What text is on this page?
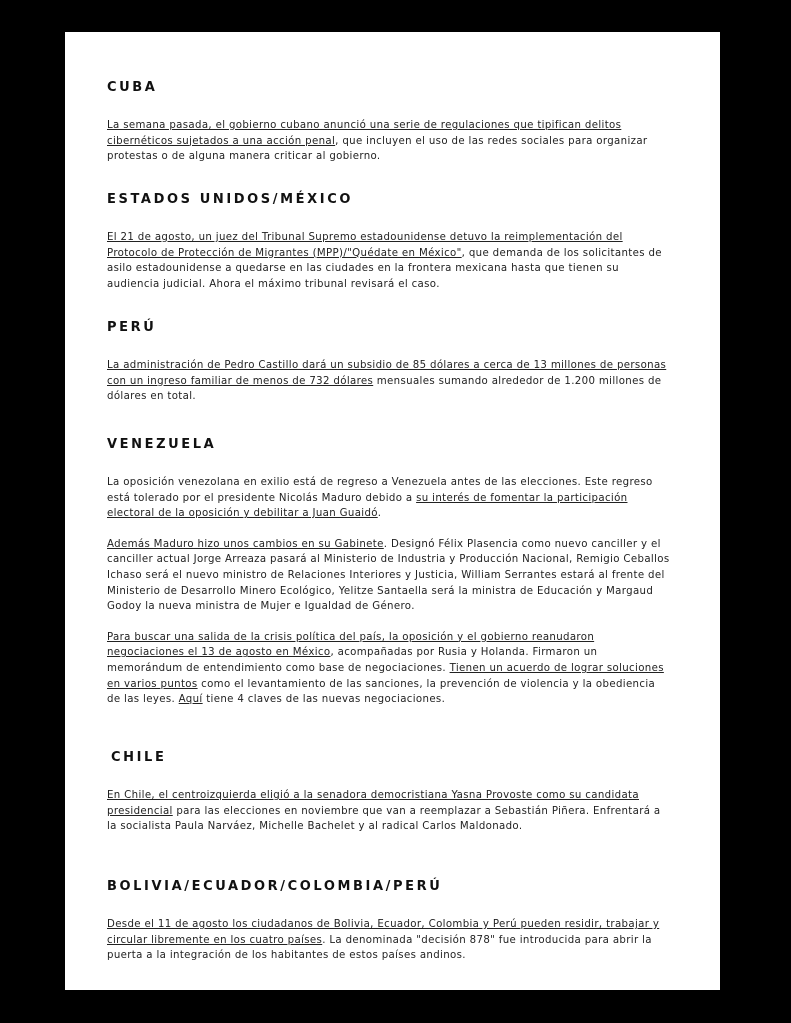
CUBA

La semana pasada, el gobierno cubano anunció una serie de regulaciones que tipifican delitos cibernéticos sujetados a una acción penal, que incluyen el uso de las redes sociales para organizar protestas o de alguna manera criticar al gobierno.

ESTADOS UNIDOS/MÉXICO

El 21 de agosto, un juez del Tribunal Supremo estadounidense detuvo la reimplementación del Protocolo de Protección de Migrantes (MPP)/"Quédate en México", que demanda de los solicitantes de asilo estadounidense a quedarse en las ciudades en la frontera mexicana hasta que tienen su audiencia judicial. Ahora el máximo tribunal revisará el caso.

PERÚ

La administración de Pedro Castillo dará un subsidio de 85 dólares a cerca de 13 millones de personas con un ingreso familiar de menos de 732 dólares mensuales sumando alrededor de 1.200 millones de dólares en total.

VENEZUELA

La oposición venezolana en exilio está de regreso a Venezuela antes de las elecciones. Este regreso está tolerado por el presidente Nicolás Maduro debido a su interés de fomentar la participación electoral de la oposición y debilitar a Juan Guaidó.

Además Maduro hizo unos cambios en su Gabinete. Designó Félix Plasencia como nuevo canciller y el canciller actual Jorge Arreaza pasará al Ministerio de Industria y Producción Nacional, Remigio Ceballos Ichaso será el nuevo ministro de Relaciones Interiores y Justicia, William Serrantes estará al frente del Ministerio de Desarrollo Minero Ecológico, Yelitze Santaella será la ministra de Educación y Margaud Godoy la nueva ministra de Mujer e Igualdad de Género.

Para buscar una salida de la crisis política del país, la oposición y el gobierno reanudaron negociaciones el 13 de agosto en México, acompañadas por Rusia y Holanda. Firmaron un memorándum de entendimiento como base de negociaciones. Tienen un acuerdo de lograr soluciones en varios puntos como el levantamiento de las sanciones, la prevención de violencia y la obediencia de las leyes. Aquí tiene 4 claves de las nuevas negociaciones.

CHILE

En Chile, el centroizquierda eligió a la senadora democristiana Yasna Provoste como su candidata presidencial para las elecciones en noviembre que van a reemplazar a Sebastián Piñera. Enfrentará a la socialista Paula Narváez, Michelle Bachelet y al radical Carlos Maldonado.

BOLIVIA/ECUADOR/COLOMBIA/PERÚ

Desde el 11 de agosto los ciudadanos de Bolivia, Ecuador, Colombia y Perú pueden residir, trabajar y circular libremente en los cuatro países. La denominada "decisión 878" fue introducida para abrir la puerta a la integración de los habitantes de estos países andinos.
